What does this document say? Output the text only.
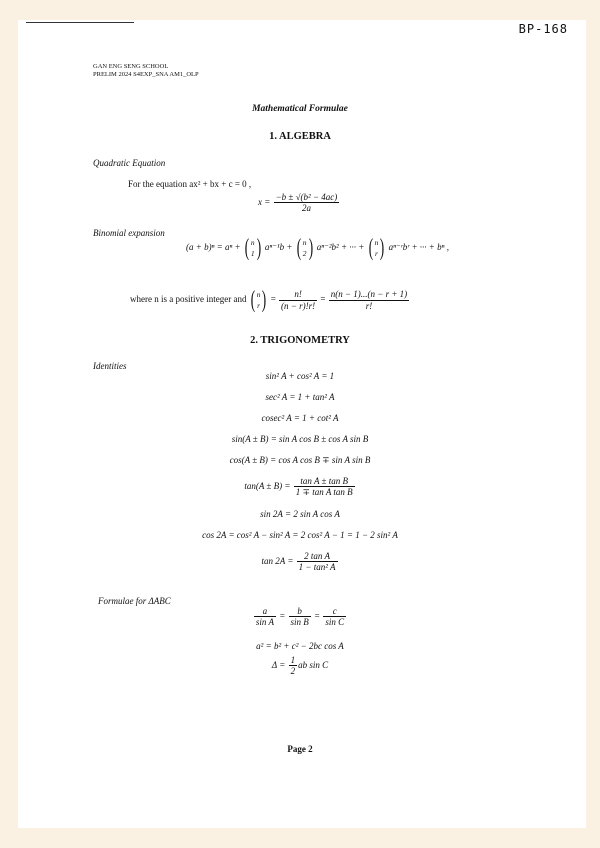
BP-168
GAN ENG SENG SCHOOL
PRELIM 2024 S4EXP_SNA AM1_OLP
Mathematical Formulae
1. ALGEBRA
Quadratic Equation
For the equation ax² + bx + c = 0 ,
$x = \frac{\text{−b ± √(b² − 4ac)}}{2a}$
Binomial expansion
(a + b)ⁿ = aⁿ + ( n
1 ) aⁿ⁻¹b + ( n
2 ) aⁿ⁻²b² + ··· + ( n
r ) aⁿ⁻ʳbʳ + ··· + bⁿ ,
where n is a positive integer and ( n
r ) = $\frac{n!}{(n - r)!r!} = \frac{n(n - 1)...(n - r + 1)}{r!}$
2. TRIGONOMETRY
Identities
sin² A + cos² A = 1
sec² A = 1 + tan² A
cosec² A = 1 + cot² A
sin(A ± B) = sin A cos B ± cos A sin B
cos(A ± B) = cos A cos B ∓ sin A sin B
$\tan(A \pm B) = \frac{\text{tan A ± tan B}}{\text{1 ∓ tan A tan B}}$
sin 2A = 2 sin A cos A
cos 2A = cos² A − sin² A = 2 cos² A − 1 = 1 − 2 sin² A
$\tan 2A = \frac{\text{2 tan A}}{\text{1 − tan² A}}$
Formulae for ΔABC
$\frac{a}{\text{sin A}} = \frac{b}{\text{sin B}} = \frac{c}{\text{sin C}}$
a² = b² + c² − 2bc cos A
$\Delta = \frac{1}{2}$ ab sin C
Page 2
